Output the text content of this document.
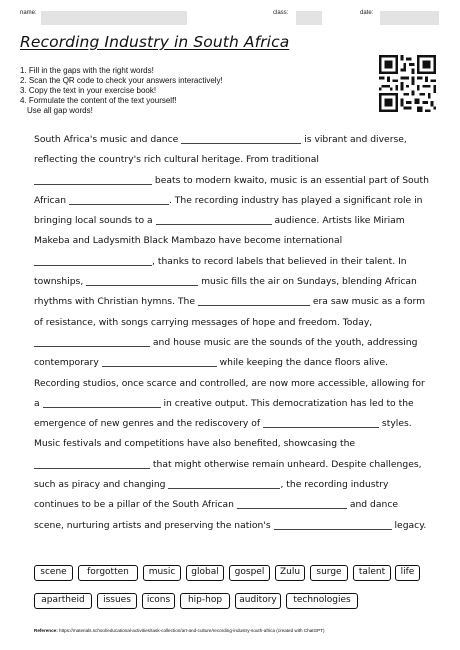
name:	class:	date:
Recording Industry in South Africa
1. Fill in the gaps with the right words!
2. Scan the QR code to check your answers interactively!
3. Copy the text in your exercise book!
4. Formulate the content of the text yourself!
Use all gap words!
South Africa's music and dance	is vibrant and diverse, reflecting the country's rich cultural heritage. From traditional  beats to modern kwaito, music is an essential part of South African	. The recording industry has played a significant role in bringing local sounds to a	audience. Artists like Miriam Makeba and Ladysmith Black Mambazo have become international , thanks to record labels that believed in their talent. In townships,	music fills the air on Sundays, blending African rhythms with Christian hymns. The	era saw music as a form of resistance, with songs carrying messages of hope and freedom. Today,  and house music are the sounds of the youth, addressing contemporary	while keeping the dance floors alive. Recording studios, once scarce and controlled, are now more accessible, allowing for a	in creative output. This democratization has led to the emergence of new genres and the rediscovery of	styles. Music festivals and competitions have also benefited, showcasing the  that might otherwise remain unheard. Despite challenges, such as piracy and changing	, the recording industry continues to be a pillar of the South African	and dance scene, nurturing artists and preserving the nation's	legacy.
scene	forgotten	music	global	gospel	Zulu	surge	talent	life
apartheid	issues	icons	hip-hop	auditory	technologies
Reference: https://materials.school/educational-activities/task-collection/art-and-culture/recording-industry-south-africa (created with ChatGPT)
